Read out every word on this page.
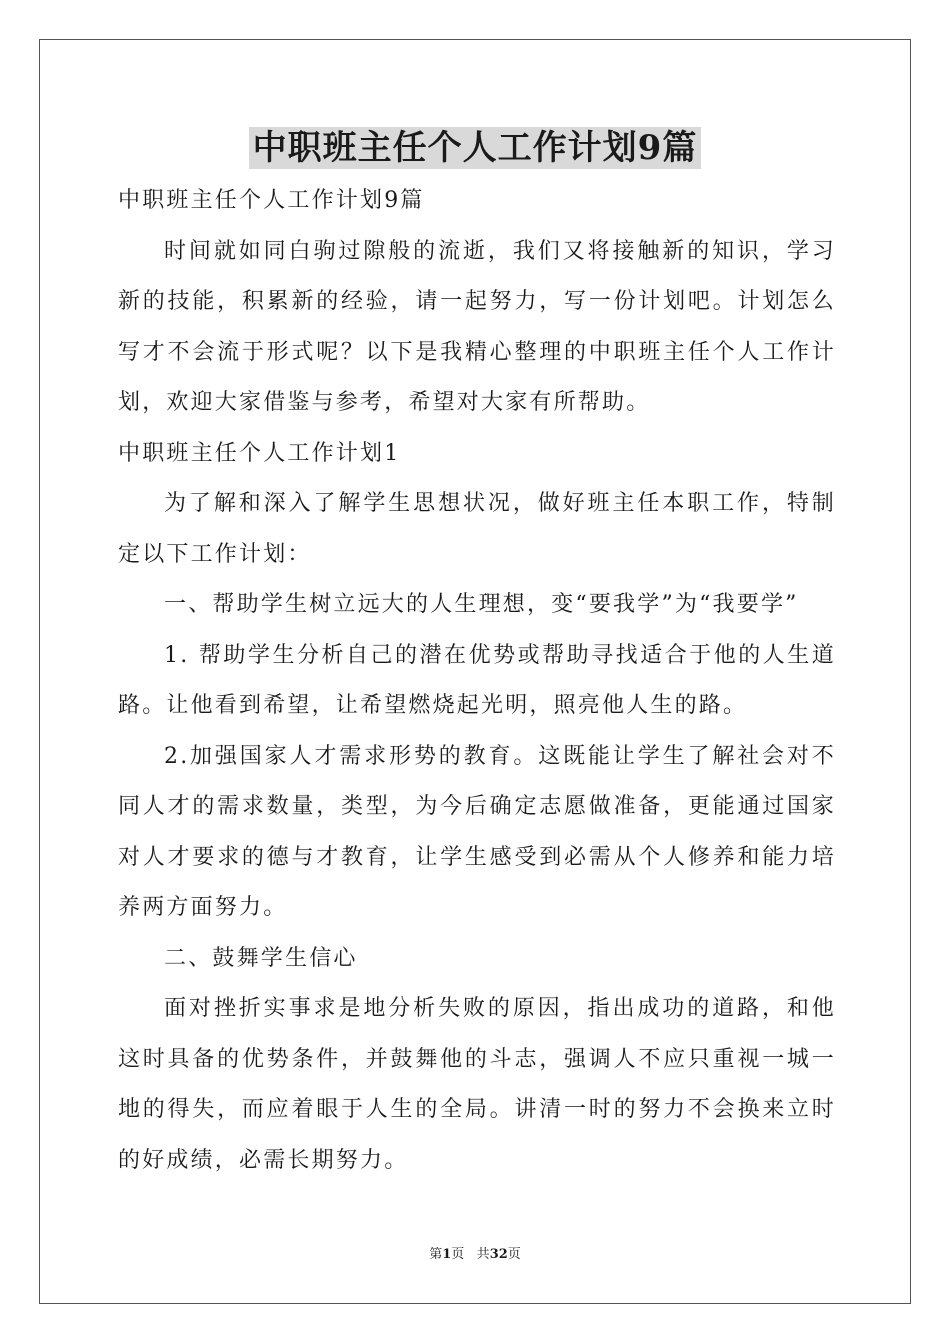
中职班主任个人工作计划9篇

中职班主任个人工作计划9篇

时间就如同白驹过隙般的流逝，我们又将接触新的知识，学习新的技能，积累新的经验，请一起努力，写一份计划吧。计划怎么写才不会流于形式呢？以下是我精心整理的中职班主任个人工作计划，欢迎大家借鉴与参考，希望对大家有所帮助。

中职班主任个人工作计划1

为了解和深入了解学生思想状况，做好班主任本职工作，特制定以下工作计划：

一、帮助学生树立远大的人生理想，变“要我学”为“我要学”

1. 帮助学生分析自己的潜在优势或帮助寻找适合于他的人生道路。让他看到希望，让希望燃烧起光明，照亮他人生的路。

2.加强国家人才需求形势的教育。这既能让学生了解社会对不同人才的需求数量，类型，为今后确定志愿做准备，更能通过国家对人才要求的德与才教育，让学生感受到必需从个人修养和能力培养两方面努力。

二、鼓舞学生信心

面对挫折实事求是地分析失败的原因，指出成功的道路，和他这时具备的优势条件，并鼓舞他的斗志，强调人不应只重视一城一地的得失，而应着眼于人生的全局。讲清一时的努力不会换来立时的好成绩，必需长期努力。

第1页 共32页
